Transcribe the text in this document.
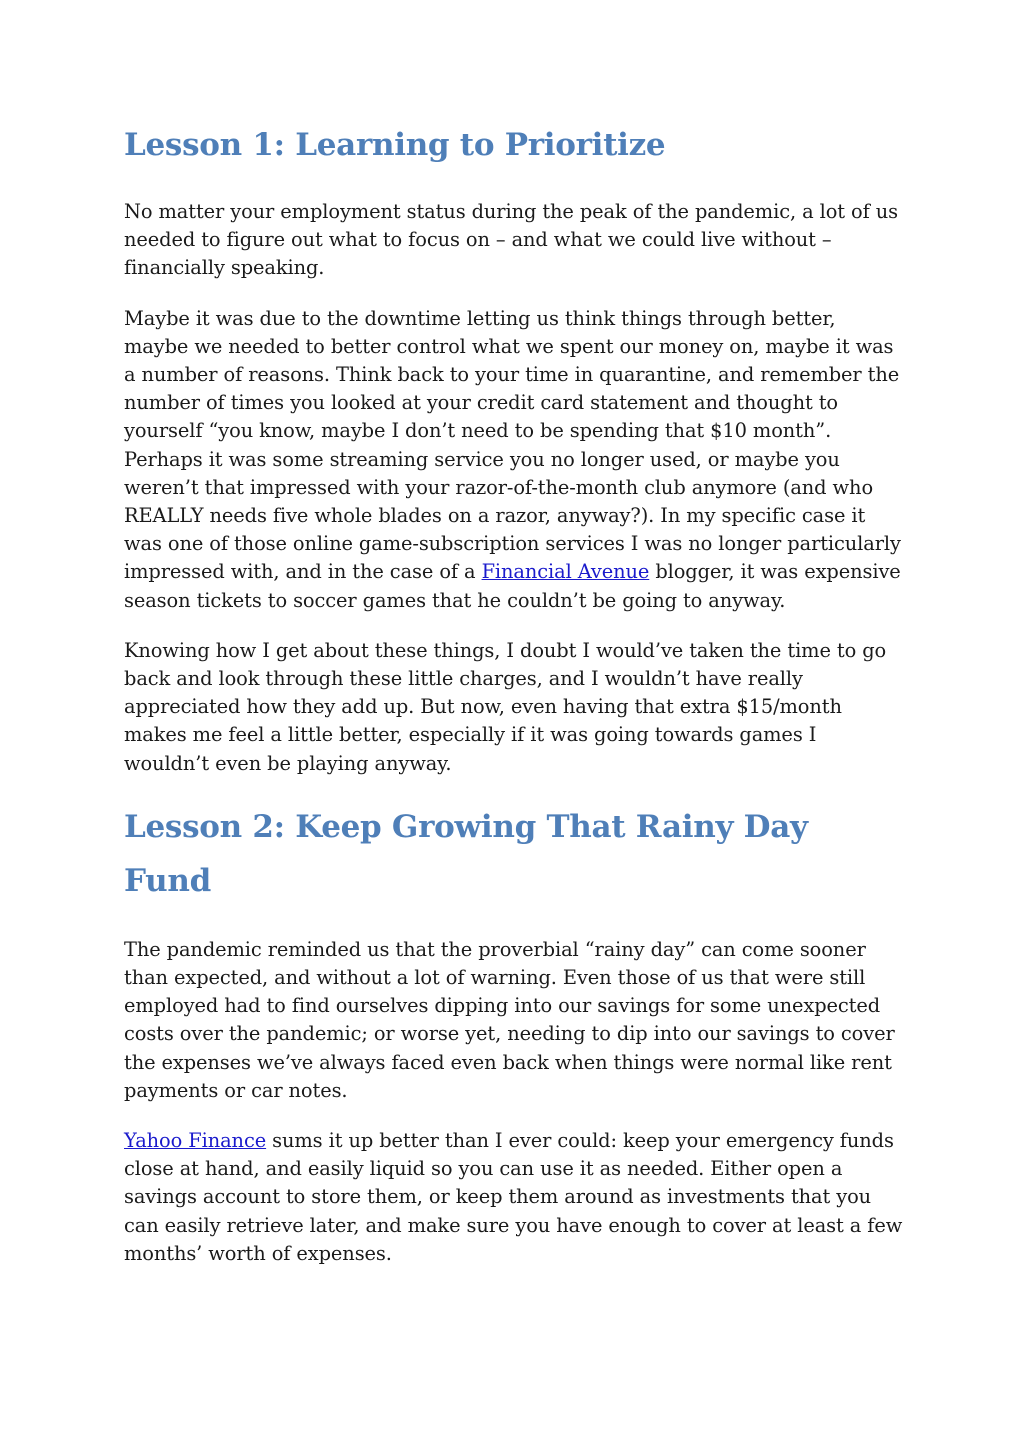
Lesson 1: Learning to Prioritize

No matter your employment status during the peak of the pandemic, a lot of us needed to figure out what to focus on – and what we could live without – financially speaking.

Maybe it was due to the downtime letting us think things through better, maybe we needed to better control what we spent our money on, maybe it was a number of reasons. Think back to your time in quarantine, and remember the number of times you looked at your credit card statement and thought to yourself “you know, maybe I don’t need to be spending that $10 month”. Perhaps it was some streaming service you no longer used, or maybe you weren’t that impressed with your razor-of-the-month club anymore (and who REALLY needs five whole blades on a razor, anyway?). In my specific case it was one of those online game-subscription services I was no longer particularly impressed with, and in the case of a Financial Avenue blogger, it was expensive season tickets to soccer games that he couldn’t be going to anyway.

Knowing how I get about these things, I doubt I would’ve taken the time to go back and look through these little charges, and I wouldn’t have really appreciated how they add up. But now, even having that extra $15/month makes me feel a little better, especially if it was going towards games I wouldn’t even be playing anyway.

Lesson 2: Keep Growing That Rainy Day Fund

The pandemic reminded us that the proverbial “rainy day” can come sooner than expected, and without a lot of warning. Even those of us that were still employed had to find ourselves dipping into our savings for some unexpected costs over the pandemic; or worse yet, needing to dip into our savings to cover the expenses we’ve always faced even back when things were normal like rent payments or car notes.

Yahoo Finance sums it up better than I ever could: keep your emergency funds close at hand, and easily liquid so you can use it as needed. Either open a savings account to store them, or keep them around as investments that you can easily retrieve later, and make sure you have enough to cover at least a few months’ worth of expenses.
